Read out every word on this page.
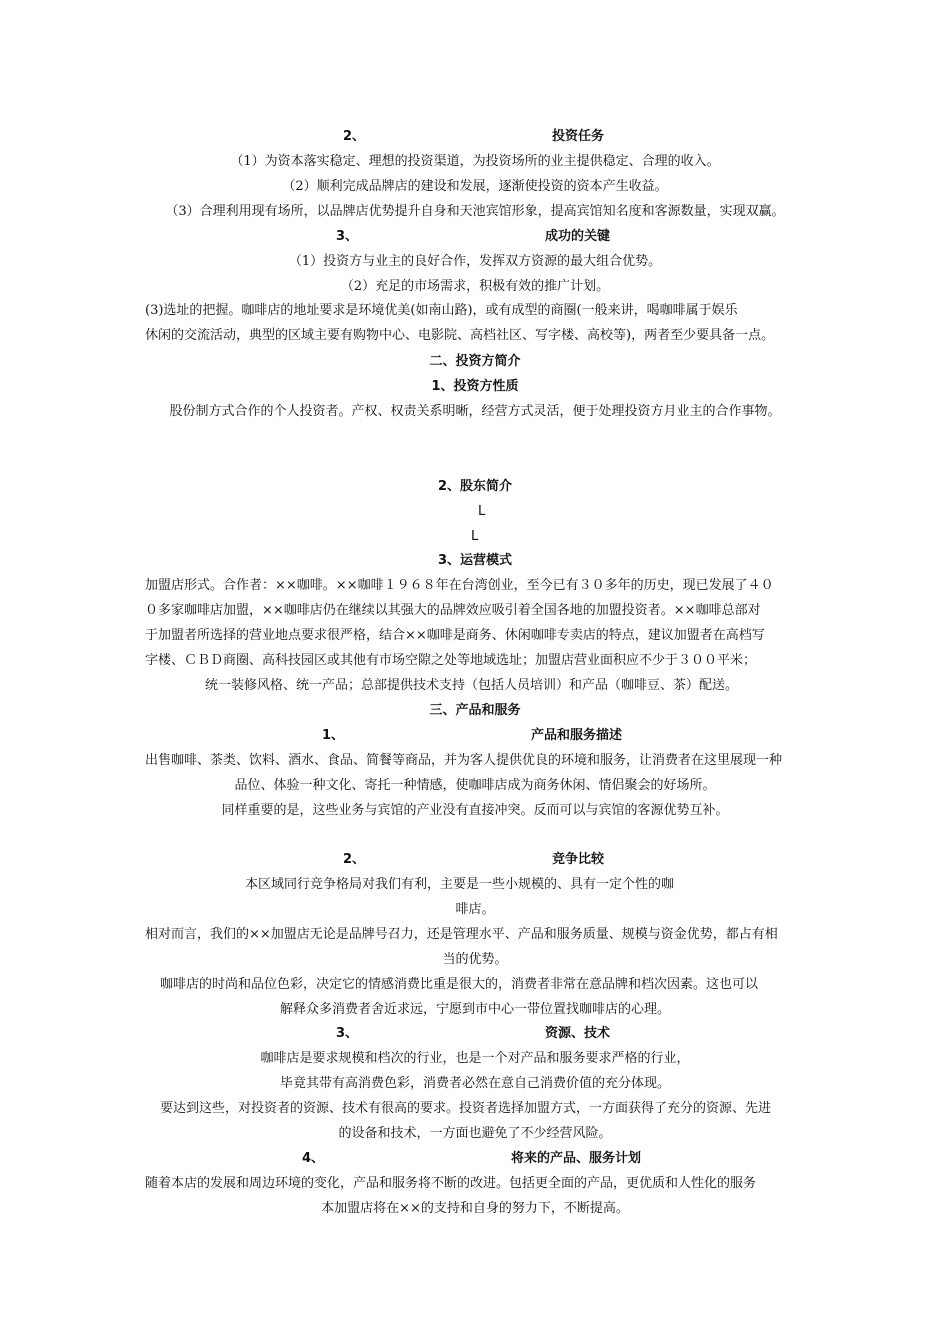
2、	投资任务
（1）为资本落实稳定、理想的投资渠道，为投资场所的业主提供稳定、合理的收入。
（2）顺利完成品牌店的建设和发展，逐渐使投资的资本产生收益。
（3）合理利用现有场所，以品牌店优势提升自身和天池宾馆形象，提高宾馆知名度和客源数量，实现双赢。
3、	成功的关键
（1）投资方与业主的良好合作，发挥双方资源的最大组合优势。
（2）充足的市场需求，积极有效的推广计划。
(3)选址的把握。咖啡店的地址要求是环境优美(如南山路)，或有成型的商圈(一般来讲，喝咖啡属于娱乐
休闲的交流活动，典型的区域主要有购物中心、电影院、高档社区、写字楼、高校等)，两者至少要具备一点。
二、投资方简介
1、投资方性质
股份制方式合作的个人投资者。产权、权责关系明晰，经营方式灵活，便于处理投资方月业主的合作事物。
2、股东简介
L
L
3、运营模式
加盟店形式。合作者：××咖啡。××咖啡１９６８年在台湾创业，至今已有３０多年的历史，现已发展了４０
０多家咖啡店加盟，××咖啡店仍在继续以其强大的品牌效应吸引着全国各地的加盟投资者。××咖啡总部对
于加盟者所选择的营业地点要求很严格，结合××咖啡是商务、休闲咖啡专卖店的特点，建议加盟者在高档写
字楼、ＣＢＤ商圈、高科技园区或其他有市场空隙之处等地域选址；加盟店营业面积应不少于３００平米；
统一装修风格、统一产品；总部提供技术支持（包括人员培训）和产品（咖啡豆、茶）配送。
三、产品和服务
1、	产品和服务描述
出售咖啡、茶类、饮料、酒水、食品、简餐等商品，并为客人提供优良的环境和服务，让消费者在这里展现一种
品位、体验一种文化、寄托一种情感，使咖啡店成为商务休闲、情侣聚会的好场所。
同样重要的是，这些业务与宾馆的产业没有直接冲突。反而可以与宾馆的客源优势互补。
2、	竞争比较
本区域同行竞争格局对我们有利，主要是一些小规模的、具有一定个性的咖
啡店。
相对而言，我们的××加盟店无论是品牌号召力，还是管理水平、产品和服务质量、规模与资金优势，都占有相
当的优势。
咖啡店的时尚和品位色彩，决定它的情感消费比重是很大的，消费者非常在意品牌和档次因素。这也可以
解释众多消费者舍近求远，宁愿到市中心一带位置找咖啡店的心理。
3、	资源、技术
咖啡店是要求规模和档次的行业，也是一个对产品和服务要求严格的行业，
毕竟其带有高消费色彩，消费者必然在意自己消费价值的充分体现。
要达到这些，对投资者的资源、技术有很高的要求。投资者选择加盟方式，一方面获得了充分的资源、先进
的设备和技术，一方面也避免了不少经营风险。
4、	将来的产品、服务计划
随着本店的发展和周边环境的变化，产品和服务将不断的改进。包括更全面的产品，更优质和人性化的服务
本加盟店将在××的支持和自身的努力下，不断提高。
